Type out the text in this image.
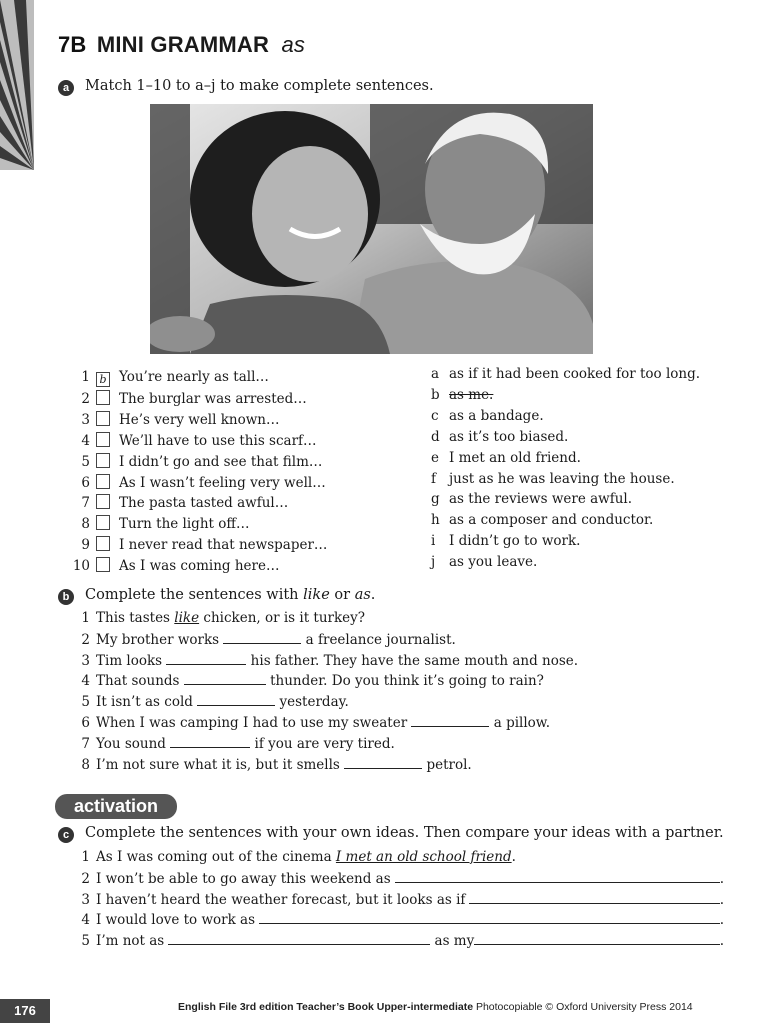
7B MINI GRAMMAR as
a	Match 1–10 to a–j to make complete sentences.
1 b You’re nearly as tall…
2 The burglar was arrested…
3 He’s very well known…
4 We’ll have to use this scarf…
5 I didn’t go and see that film…
6 As I wasn’t feeling very well…
7 The pasta tasted awful…
8 Turn the light off…
9 I never read that newspaper…
10 As I was coming here…
a as if it had been cooked for too long.
b as me.
c as a bandage.
d as it’s too biased.
e I met an old friend.
f just as he was leaving the house.
g as the reviews were awful.
h as a composer and conductor.
i I didn’t go to work.
j as you leave.
b	Complete the sentences with like or as.
1 This tastes like chicken, or is it turkey?
2 My brother works	a freelance journalist.
3 Tim looks	his father. They have the same mouth and nose.
4 That sounds	thunder. Do you think it’s going to rain?
5 It isn’t as cold	yesterday.
6 When I was camping I had to use my sweater	a pillow.
7 You sound	if you are very tired.
8 I’m not sure what it is, but it smells	petrol.
activation
c	Complete the sentences with your own ideas. Then compare your ideas with a partner.
1 As I was coming out of the cinema I met an old school friend.
2 I won’t be able to go away this weekend as	.
3 I haven’t heard the weather forecast, but it looks as if	.
4 I would love to work as	.
5 I’m not as	as my	.
176	English File 3rd edition Teacher’s Book Upper-intermediate Photocopiable © Oxford University Press 2014
